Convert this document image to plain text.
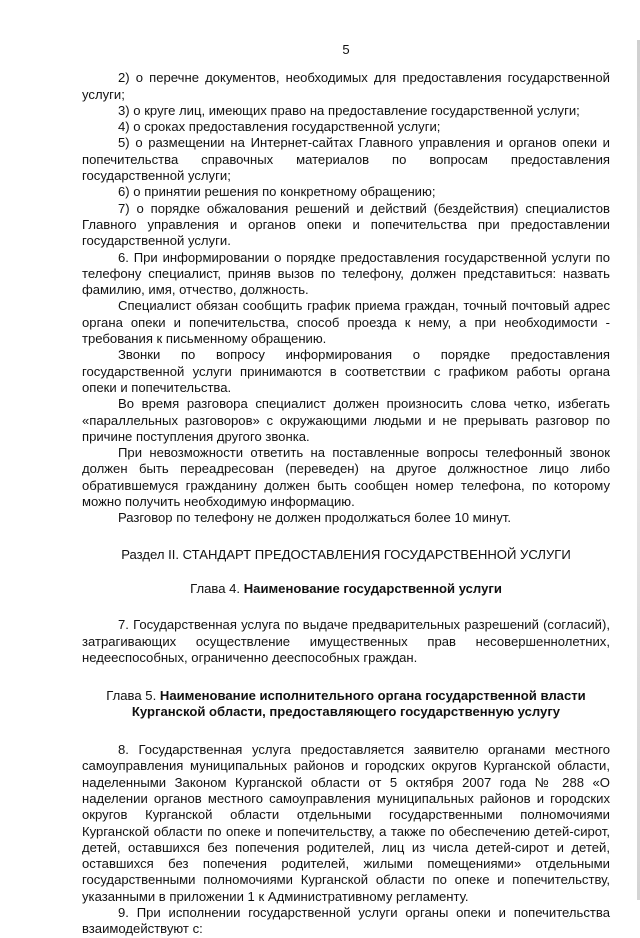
5

2) о перечне документов, необходимых для предоставления государственной услуги;

3) о круге лиц, имеющих право на предоставление государственной услуги;

4) о сроках предоставления государственной услуги;

5) о размещении на Интернет-сайтах Главного управления и органов опеки и попечительства справочных материалов по вопросам предоставления государственной услуги;

6) о принятии решения по конкретному обращению;

7) о порядке обжалования решений и действий (бездействия) специалистов Главного управления и органов опеки и попечительства при предоставлении государственной услуги.

6. При информировании о порядке предоставления государственной услуги по телефону специалист, приняв вызов по телефону, должен представиться: назвать фамилию, имя, отчество, должность.

Специалист обязан сообщить график приема граждан, точный почтовый адрес органа опеки и попечительства, способ проезда к нему, а при необходимости - требования к письменному обращению.

Звонки по вопросу информирования о порядке предоставления государственной услуги принимаются в соответствии с графиком работы органа опеки и попечительства.

Во время разговора специалист должен произносить слова четко, избегать «параллельных разговоров» с окружающими людьми и не прерывать разговор по причине поступления другого звонка.

При невозможности ответить на поставленные вопросы телефонный звонок должен быть переадресован (переведен) на другое должностное лицо либо обратившемуся гражданину должен быть сообщен номер телефона, по которому можно получить необходимую информацию.

Разговор по телефону не должен продолжаться более 10 минут.

Раздел II. СТАНДАРТ ПРЕДОСТАВЛЕНИЯ ГОСУДАРСТВЕННОЙ УСЛУГИ
Глава 4. Наименование государственной услуги

7. Государственная услуга по выдаче предварительных разрешений (согласий), затрагивающих осуществление имущественных прав несовершеннолетних, недееспособных, ограниченно дееспособных граждан.

Глава 5. Наименование исполнительного органа государственной власти
Курганской области, предоставляющего государственную услугу

8. Государственная услуга предоставляется заявителю органами местного самоуправления муниципальных районов и городских округов Курганской области, наделенными Законом Курганской области от 5 октября 2007 года № 288 «О наделении органов местного самоуправления муниципальных районов и городских округов Курганской области отдельными государственными полномочиями Курганской области по опеке и попечительству, а также по обеспечению детей-сирот, детей, оставшихся без попечения родителей, лиц из числа детей-сирот и детей, оставшихся без попечения родителей, жилыми помещениями» отдельными государственными полномочиями Курганской области по опеке и попечительству, указанными в приложении 1 к Административному регламенту.

9. При исполнении государственной услуги органы опеки и попечительства взаимодействуют с:
